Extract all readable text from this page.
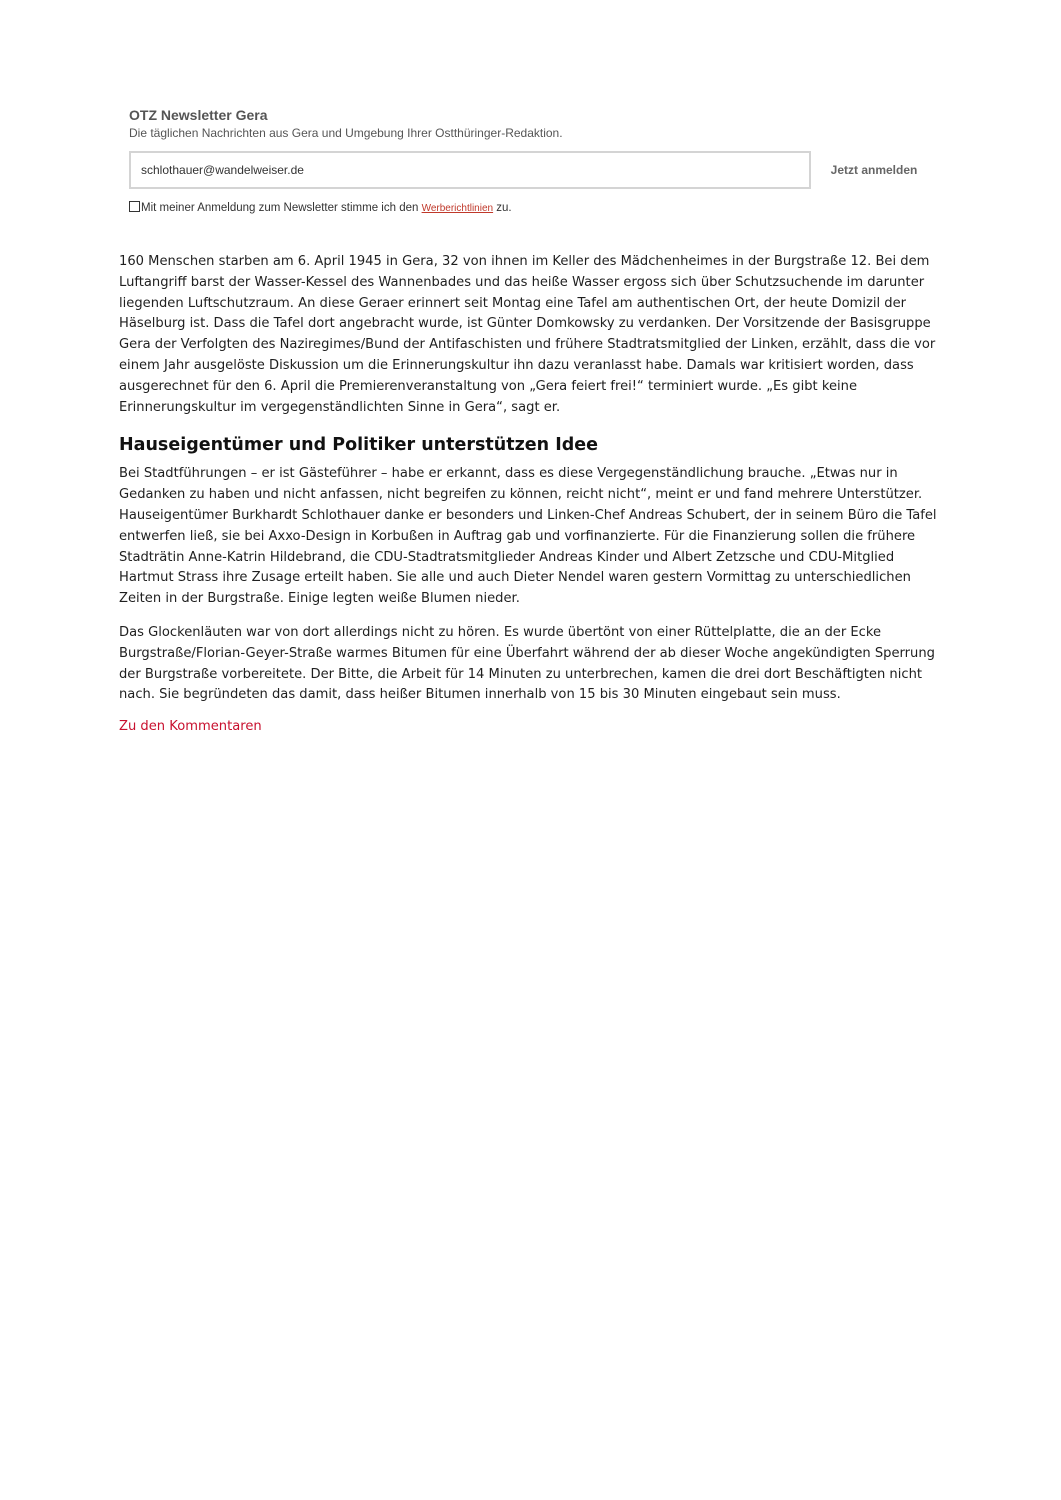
OTZ Newsletter Gera
Die täglichen Nachrichten aus Gera und Umgebung Ihrer Ostthüringer-Redaktion.
schlothauer@wandelweiser.de	Jetzt anmelden
Mit meiner Anmeldung zum Newsletter stimme ich den Werberichtlinien zu.

160 Menschen starben am 6. April 1945 in Gera, 32 von ihnen im Keller des Mädchenheimes in der Burgstraße 12. Bei dem Luftangriff barst der Wasser-Kessel des Wannenbades und das heiße Wasser ergoss sich über Schutzsuchende im darunter liegenden Luftschutzraum. An diese Geraer erinnert seit Montag eine Tafel am authentischen Ort, der heute Domizil der Häselburg ist. Dass die Tafel dort angebracht wurde, ist Günter Domkowsky zu verdanken. Der Vorsitzende der Basisgruppe Gera der Verfolgten des Naziregimes/Bund der Antifaschisten und frühere Stadtratsmitglied der Linken, erzählt, dass die vor einem Jahr ausgelöste Diskussion um die Erinnerungskultur ihn dazu veranlasst habe. Damals war kritisiert worden, dass ausgerechnet für den 6. April die Premierenveranstaltung von „Gera feiert frei!“ terminiert wurde. „Es gibt keine Erinnerungskultur im vergegenständlichten Sinne in Gera“, sagt er.

Hauseigentümer und Politiker unterstützen Idee

Bei Stadtführungen – er ist Gästeführer – habe er erkannt, dass es diese Vergegenständlichung brauche. „Etwas nur in Gedanken zu haben und nicht anfassen, nicht begreifen zu können, reicht nicht“, meint er und fand mehrere Unterstützer. Hauseigentümer Burkhardt Schlothauer danke er besonders und Linken-Chef Andreas Schubert, der in seinem Büro die Tafel entwerfen ließ, sie bei Axxo-Design in Korbußen in Auftrag gab und vorfinanzierte. Für die Finanzierung sollen die frühere Stadträtin Anne-Katrin Hildebrand, die CDU-Stadtratsmitglieder Andreas Kinder und Albert Zetzsche und CDU-Mitglied Hartmut Strass ihre Zusage erteilt haben. Sie alle und auch Dieter Nendel waren gestern Vormittag zu unterschiedlichen Zeiten in der Burgstraße. Einige legten weiße Blumen nieder.

Das Glockenläuten war von dort allerdings nicht zu hören. Es wurde übertönt von einer Rüttelplatte, die an der Ecke Burgstraße/Florian-Geyer-Straße warmes Bitumen für eine Überfahrt während der ab dieser Woche angekündigten Sperrung der Burgstraße vorbereitete. Der Bitte, die Arbeit für 14 Minuten zu unterbrechen, kamen die drei dort Beschäftigten nicht nach. Sie begründeten das damit, dass heißer Bitumen innerhalb von 15 bis 30 Minuten eingebaut sein muss.

Zu den Kommentaren
